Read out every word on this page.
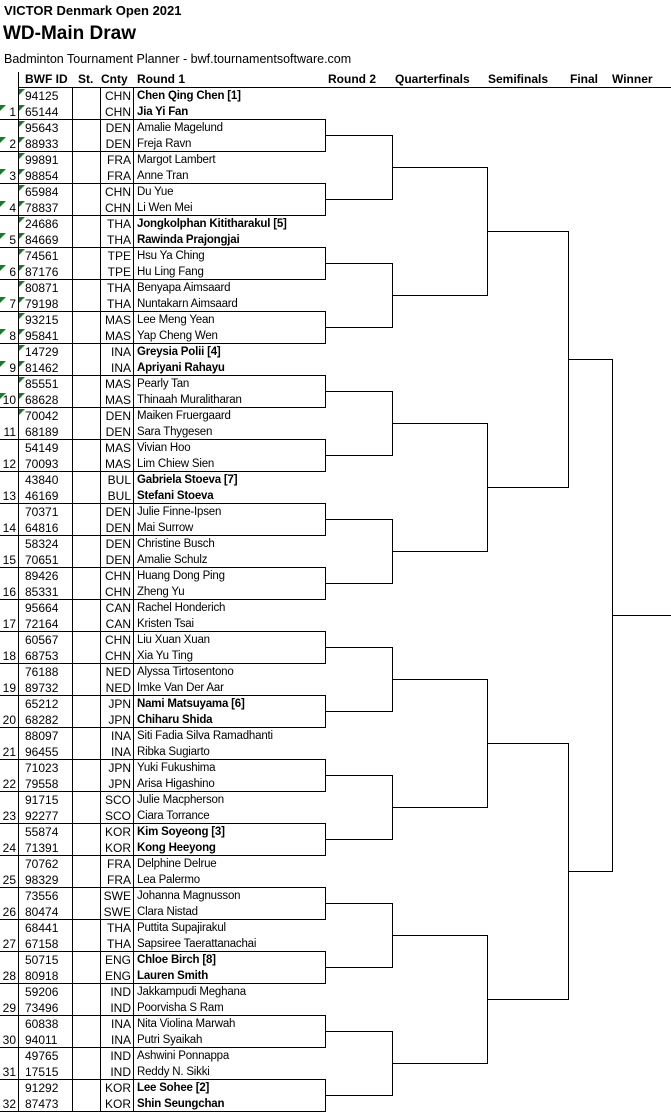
VICTOR Denmark Open 2021
WD-Main Draw
Badminton Tournament Planner - bwf.tournamentsoftware.com
BWF ID St. Cnty Round 1	Round 2 Quarterfinals Semifinals Final Winner
1
94125	CHN Chen Qing Chen [1]
65144	CHN Jia Yi Fan
2
95643	DEN Amalie Magelund
88933	DEN Freja Ravn
3
99891	FRA Margot Lambert
98854	FRA Anne Tran
4
65984	CHN Du Yue
78837	CHN Li Wen Mei
5
24686	THA Jongkolphan Kititharakul [5]
84669	THA Rawinda Prajongjai
6
74561	TPE Hsu Ya Ching
87176	TPE Hu Ling Fang
7
80871	THA Benyapa Aimsaard
79198	THA Nuntakarn Aimsaard
8
93215	MAS Lee Meng Yean
95841	MAS Yap Cheng Wen
9
14729	INA Greysia Polii [4]
81462	INA Apriyani Rahayu
10
85551	MAS Pearly Tan
68628	MAS Thinaah Muralitharan
11
70042	DEN Maiken Fruergaard
68189	DEN Sara Thygesen
12
54149	MAS Vivian Hoo
70093	MAS Lim Chiew Sien
13
43840	BUL Gabriela Stoeva [7]
46169	BUL Stefani Stoeva
14
70371	DEN Julie Finne-Ipsen
64816	DEN Mai Surrow
15
58324	DEN Christine Busch
70651	DEN Amalie Schulz
16
89426	CHN Huang Dong Ping
85331	CHN Zheng Yu
17
95664	CAN Rachel Honderich
72164	CAN Kristen Tsai
18
60567	CHN Liu Xuan Xuan
68753	CHN Xia Yu Ting
19
76188	NED Alyssa Tirtosentono
89732	NED Imke Van Der Aar
20
65212	JPN Nami Matsuyama [6]
68282	JPN Chiharu Shida
21
88097	INA Siti Fadia Silva Ramadhanti
96455	INA Ribka Sugiarto
22
71023	JPN Yuki Fukushima
79558	JPN Arisa Higashino
23
91715	SCO Julie Macpherson
92277	SCO Ciara Torrance
24
55874	KOR Kim Soyeong [3]
71391	KOR Kong Heeyong
25
70762	FRA Delphine Delrue
98329	FRA Lea Palermo
26
73556	SWE Johanna Magnusson
80474	SWE Clara Nistad
27
68441	THA Puttita Supajirakul
67158	THA Sapsiree Taerattanachai
28
50715	ENG Chloe Birch [8]
80918	ENG Lauren Smith
29
59206	IND Jakkampudi Meghana
73496	IND Poorvisha S Ram
30
60838	INA Nita Violina Marwah
94011	INA Putri Syaikah
31
49765	IND Ashwini Ponnappa
17515	IND Reddy N. Sikki
32
91292	KOR Lee Sohee [2]
87473	KOR Shin Seungchan
